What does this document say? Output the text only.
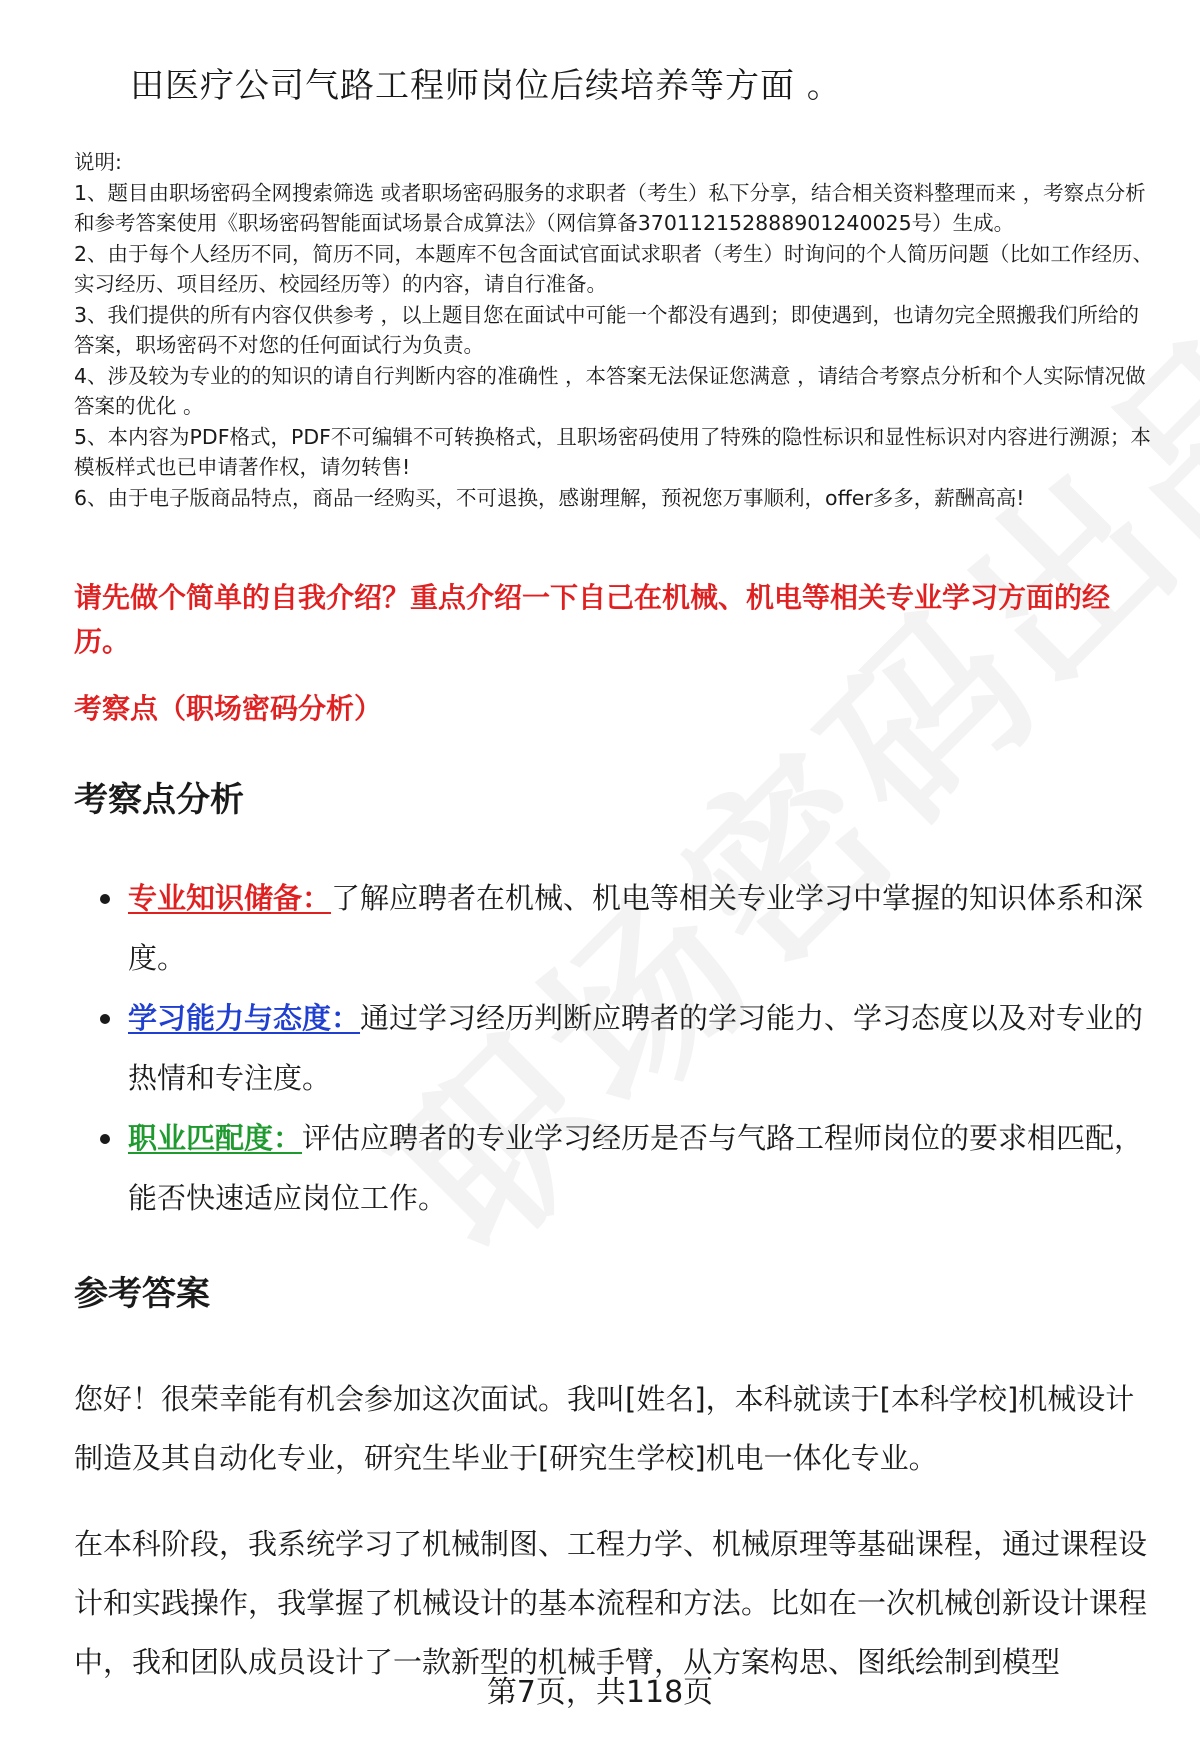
田医疗公司气路工程师岗位后续培养等方面 。

说明:

1、题目由职场密码全网搜索筛选 或者职场密码服务的求职者（考生）私下分享，结合相关资料整理而来 ，考察点分析和参考答案使用《职场密码智能面试场景合成算法》（网信算备370112152888901240025号）生成。

2、由于每个人经历不同，简历不同，本题库不包含面试官面试求职者（考生）时询问的个人简历问题（比如工作经历、实习经历、项目经历、校园经历等）的内容，请自行准备。

3、我们提供的所有内容仅供参考 ，以上题目您在面试中可能一个都没有遇到；即使遇到，也请勿完全照搬我们所给的答案，职场密码不对您的任何面试行为负责。

4、涉及较为专业的的知识的请自行判断内容的准确性 ，本答案无法保证您满意 ，请结合考察点分析和个人实际情况做答案的优化 。

5、本内容为PDF格式，PDF不可编辑不可转换格式，且职场密码使用了特殊的隐性标识和显性标识对内容进行溯源；本模板样式也已申请著作权，请勿转售!

6、由于电子版商品特点，商品一经购买，不可退换，感谢理解，预祝您万事顺利，offer多多，薪酬高高!

请先做个简单的自我介绍？重点介绍一下自己在机械、机电等相关专业学习方面的经历。

考察点（职场密码分析）

考察点分析
专业知识储备：了解应聘者在机械、机电等相关专业学习中掌握的知识体系和深度。
学习能力与态度：通过学习经历判断应聘者的学习能力、学习态度以及对专业的热情和专注度。
职业匹配度：评估应聘者的专业学习经历是否与气路工程师岗位的要求相匹配，能否快速适应岗位工作。
参考答案

您好！很荣幸能有机会参加这次面试。我叫[姓名]，本科就读于[本科学校]机械设计制造及其自动化专业，研究生毕业于[研究生学校]机电一体化专业。

在本科阶段，我系统学习了机械制图、工程力学、机械原理等基础课程，通过课程设计和实践操作，我掌握了机械设计的基本流程和方法。比如在一次机械创新设计课程中，我和团队成员设计了一款新型的机械手臂，从方案构思、图纸绘制到模型

第7页，共118页
